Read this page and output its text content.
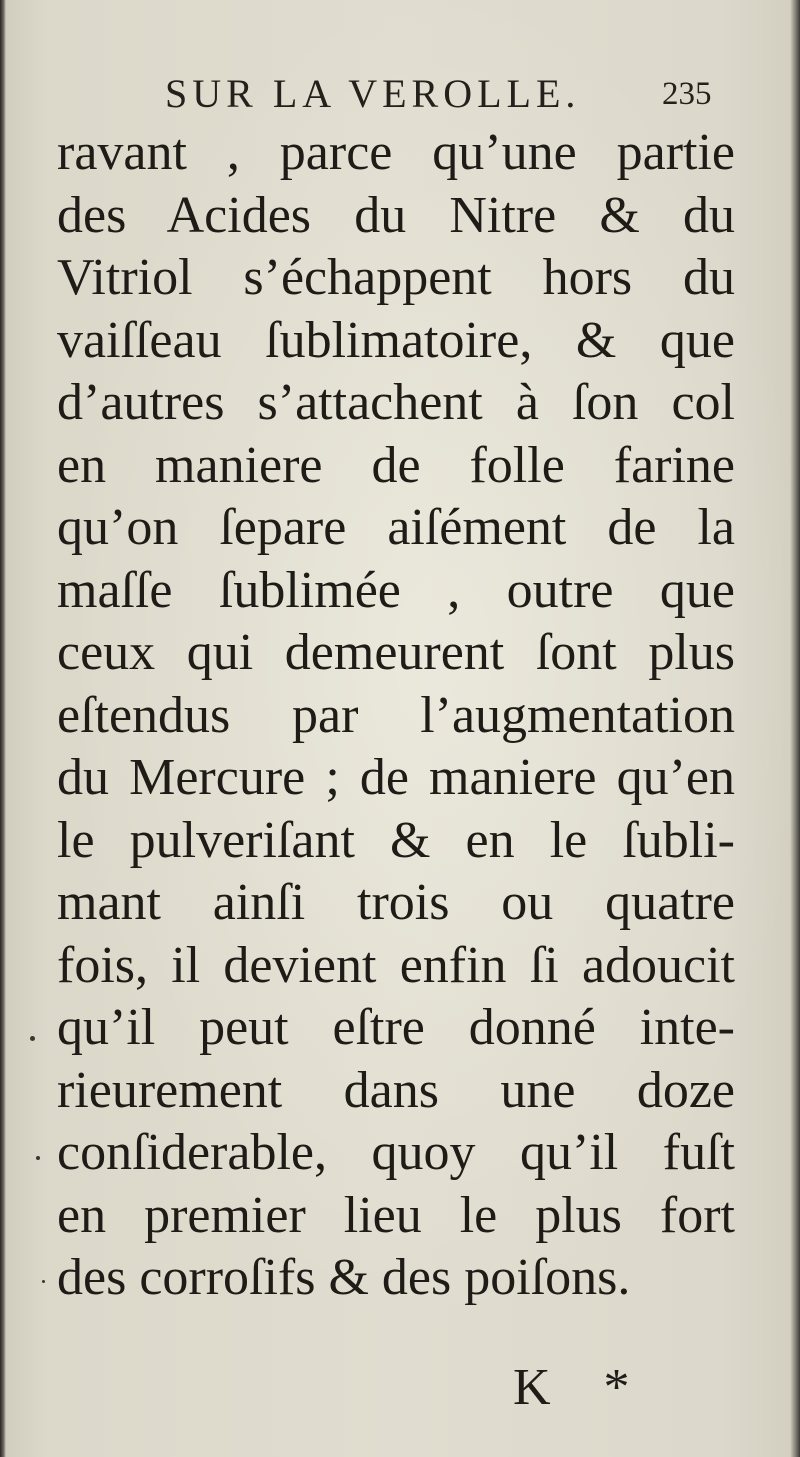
SUR LA VEROLLE. 235
ravant , parce qu’une partie
des Acides du Nitre & du
Vitriol s’échappent hors du
vaiſſeau ſublimatoire, & que
d’autres s’attachent à ſon col
en maniere de folle farine
qu’on ſepare aiſément de la
maſſe ſublimée , outre que
ceux qui demeurent ſont plus
eſtendus par l’augmentation
du Mercure ; de maniere qu’en
le pulveriſant & en le ſubli-
mant ainſi trois ou quatre
fois, il devient enfin ſi adoucit
qu’il peut eſtre donné inte-
rieurement dans une doze
conſiderable, quoy qu’il fuſt
en premier lieu le plus fort
des corroſifs & des poiſons.
K *
